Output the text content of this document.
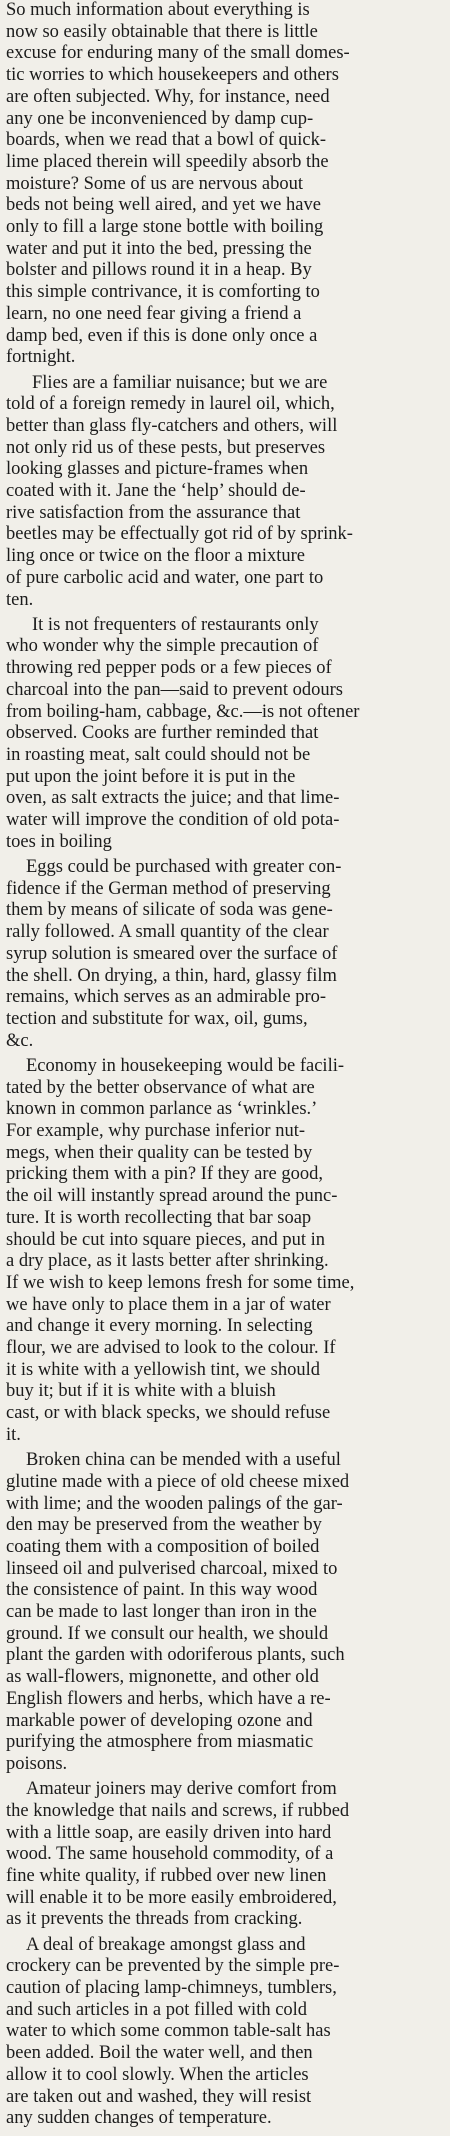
So much information about everything is
now so easily obtainable that there is little
excuse for enduring many of the small domes-
tic worries to which housekeepers and others
are often subjected. Why, for instance, need
any one be inconvenienced by damp cup-
boards, when we read that a bowl of quick-
lime placed therein will speedily absorb the
moisture? Some of us are nervous about
beds not being well aired, and yet we have
only to fill a large stone bottle with boiling
water and put it into the bed, pressing the
bolster and pillows round it in a heap. By
this simple contrivance, it is comforting to
learn, no one need fear giving a friend a
damp bed, even if this is done only once a
fortnight.
Flies are a familiar nuisance; but we are
told of a foreign remedy in laurel oil, which,
better than glass fly-catchers and others, will
not only rid us of these pests, but preserves
looking glasses and picture-frames when
coated with it. Jane the ‘help’ should de-
rive satisfaction from the assurance that
beetles may be effectually got rid of by sprink-
ling once or twice on the floor a mixture
of pure carbolic acid and water, one part to
ten.
It is not frequenters of restaurants only
who wonder why the simple precaution of
throwing red pepper pods or a few pieces of
charcoal into the pan—said to prevent odours
from boiling-ham, cabbage, &c.—is not oftener
observed. Cooks are further reminded that
in roasting meat, salt could should not be
put upon the joint before it is put in the
oven, as salt extracts the juice; and that lime-
water will improve the condition of old pota-
toes in boiling
Eggs could be purchased with greater con-
fidence if the German method of preserving
them by means of silicate of soda was gene-
rally followed. A small quantity of the clear
syrup solution is smeared over the surface of
the shell. On drying, a thin, hard, glassy film
remains, which serves as an admirable pro-
tection and substitute for wax, oil, gums,
&c.
Economy in housekeeping would be facili-
tated by the better observance of what are
known in common parlance as ‘wrinkles.’
For example, why purchase inferior nut-
megs, when their quality can be tested by
pricking them with a pin? If they are good,
the oil will instantly spread around the punc-
ture. It is worth recollecting that bar soap
should be cut into square pieces, and put in
a dry place, as it lasts better after shrinking.
If we wish to keep lemons fresh for some time,
we have only to place them in a jar of water
and change it every morning. In selecting
flour, we are advised to look to the colour. If
it is white with a yellowish tint, we should
buy it; but if it is white with a bluish
cast, or with black specks, we should refuse
it.
Broken china can be mended with a useful
glutine made with a piece of old cheese mixed
with lime; and the wooden palings of the gar-
den may be preserved from the weather by
coating them with a composition of boiled
linseed oil and pulverised charcoal, mixed to
the consistence of paint. In this way wood
can be made to last longer than iron in the
ground. If we consult our health, we should
plant the garden with odoriferous plants, such
as wall-flowers, mignonette, and other old
English flowers and herbs, which have a re-
markable power of developing ozone and
purifying the atmosphere from miasmatic
poisons.
Amateur joiners may derive comfort from
the knowledge that nails and screws, if rubbed
with a little soap, are easily driven into hard
wood. The same household commodity, of a
fine white quality, if rubbed over new linen
will enable it to be more easily embroidered,
as it prevents the threads from cracking.
A deal of breakage amongst glass and
crockery can be prevented by the simple pre-
caution of placing lamp-chimneys, tumblers,
and such articles in a pot filled with cold
water to which some common table-salt has
been added. Boil the water well, and then
allow it to cool slowly. When the articles
are taken out and washed, they will resist
any sudden changes of temperature.
